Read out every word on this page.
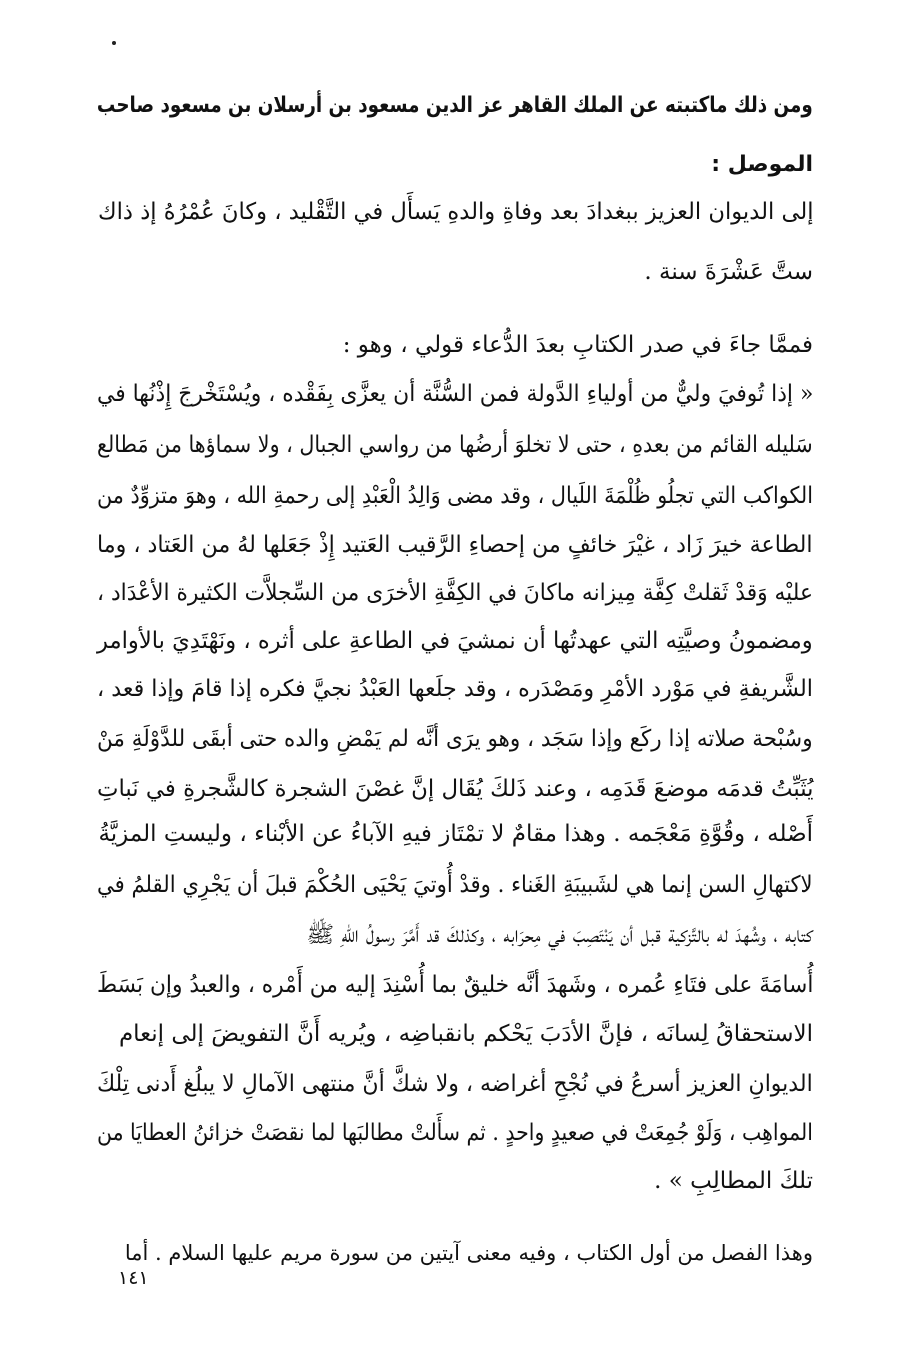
ومن ذلك ماكتبته عن الملك القاهر عز الدين مسعود بن أرسلان بن مسعود صاحب
الموصل :
إلى الديوان العزيز ببغدادَ بعد وفاةِ والدهِ يَسأَل في التَّقْليد ، وكانَ عُمْرُهُ إذ ذاك
ستَّ عَشْرَةَ سنة .
فممَّا جاءَ في صدر الكتابِ بعدَ الدُّعاء قولي ، وهو :
« إذا تُوفيَ وليٌّ من أولياءِ الدَّولة فمن السُّنَّة أن يعزَّى بِفَقْده ، ويُسْتَخْرجَ إِذْنُها في
سَليله القائم من بعدهِ ، حتى لا تخلوَ أرضُها من رواسي الجبال ، ولا سماؤها من مَطالع
الكواكب التي تجلُو ظُلْمَةَ اللَيال ، وقد مضى وَالِدُ الْعَبْدِ إلى رحمةِ الله ، وهوَ متزوِّدٌ من
الطاعة خيرَ زَاد ، غيْرَ خائفٍ من إحصاءِ الرَّقيب العَتيد إِذْ جَعَلها لهُ من العَتاد ، وما
عليْه وَقدْ ثَقلتْ كِفَّة مِيزانه ماكانَ في الكِفَّةِ الأخرَى من السِّجلاَّت الكثيرة الأعْدَاد ،
ومضمونُ وصيَّتِه التي عهدتُها أن نمشيَ في الطاعةِ على أثره ، ونَهْتَدِيَ بالأوامر
الشَّريفةِ في مَوْرد الأمْرِ ومَصْدَره ، وقد جلَعها العَبْدُ نجيَّ فكره إذا قامَ وإذا قعد ،
وسُبْحة صلاته إذا ركَع وإذا سَجَد ، وهو يرَى أنَّه لم يَمْضِ والده حتى أبقَى للدَّوْلَةِ مَنْ
يُثَبِّتُ قدمَه موضعَ قَدَمِه ، وعند ذَلكَ يُقَال إنَّ غصْنَ الشجرة كالشَّجرةِ في نَباتِ
أَصْله ، وقُوَّةِ مَعْجَمه . وهذا مقامٌ لا تمْتَاز فيهِ الآباءُ عن الأبْناء ، وليستِ المزيَّةُ
لاكتهالِ السن إنما هي لشَبيبَةِ الغَناء . وقدْ أُوتيَ يَحْيَى الحُكْمَ قبلَ أن يَجْرِي القلمُ في
كتابه ، وشُهدَ له بالتَّزكية قبل أن يَنْتَصِبَ في مِحرَابه ، وكذلكَ قد أَمَّرَ رسولُ اللهِ ﷺ
أُسامَةَ على فتَاءِ عُمره ، وشَهدَ أنَّه خليقٌ بما أُسْنِدَ إليه من أَمْره ، والعبدُ وإن بَسَطَ
الاستحقاقُ لِسانَه ، فإنَّ الأدَبَ يَحْكم بانقباضِه ، ويُريه أَنَّ التفويضَ إلى إنعام
الديوانِ العزيز أسرعُ في نُجْحِ أغراضه ، ولا شكَّ أنَّ منتهى الآمالِ لا يبلُغ أَدنى تِلْكَ
المواهِب ، وَلَوْ جُمِعَتْ في صعيدٍ واحدٍ . ثم سأَلتْ مطالبَها لما نقصَتْ خزائنُ العطايَا من
تلكَ المطالِبِ » .
وهذا الفصل من أول الكتاب ، وفيه معنى آيتين من سورة مريم عليها السلام . أما
١٤١
